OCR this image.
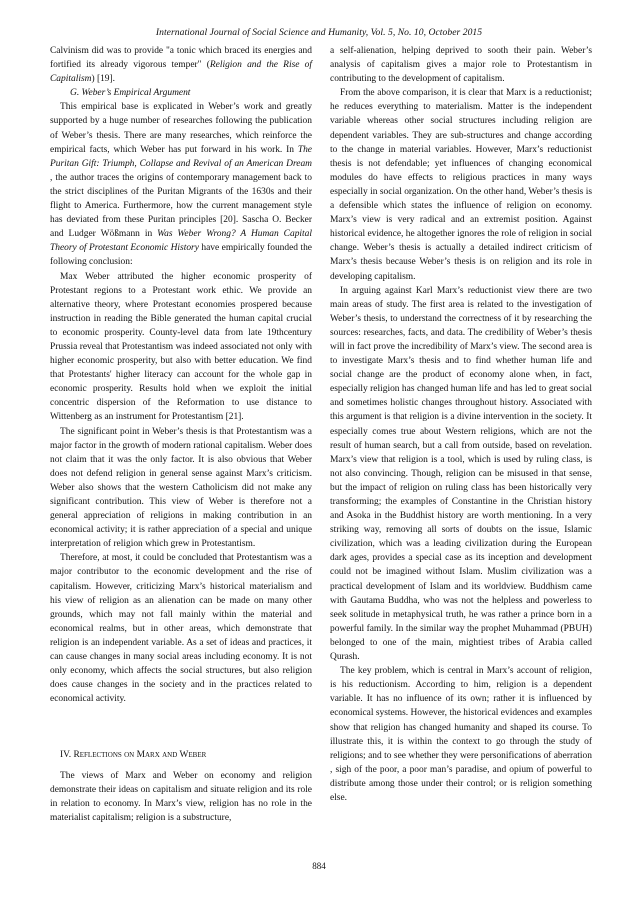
International Journal of Social Science and Humanity, Vol. 5, No. 10, October 2015

Calvinism did was to provide "a tonic which braced its energies and fortified its already vigorous temper" (Religion and the Rise of Capitalism) [19].

G. Weber’s Empirical Argument

This empirical base is explicated in Weber’s work and greatly supported by a huge number of researches following the publication of Weber’s thesis. There are many researches, which reinforce the empirical facts, which Weber has put forward in his work. In The Puritan Gift: Triumph, Collapse and Revival of an American Dream , the author traces the origins of contemporary management back to the strict disciplines of the Puritan Migrants of the 1630s and their flight to America. Furthermore, how the current management style has deviated from these Puritan principles [20]. Sascha O. Becker and Ludger Wößmann in Was Weber Wrong? A Human Capital Theory of Protestant Economic History have empirically founded the following conclusion:

Max Weber attributed the higher economic prosperity of Protestant regions to a Protestant work ethic. We provide an alternative theory, where Protestant economies prospered because instruction in reading the Bible generated the human capital crucial to economic prosperity. County-level data from late 19thcentury Prussia reveal that Protestantism was indeed associated not only with higher economic prosperity, but also with better education. We find that Protestants' higher literacy can account for the whole gap in economic prosperity. Results hold when we exploit the initial concentric dispersion of the Reformation to use distance to Wittenberg as an instrument for Protestantism [21].

The significant point in Weber’s thesis is that Protestantism was a major factor in the growth of modern rational capitalism. Weber does not claim that it was the only factor. It is also obvious that Weber does not defend religion in general sense against Marx’s criticism. Weber also shows that the western Catholicism did not make any significant contribution. This view of Weber is therefore not a general appreciation of religions in making contribution in an economical activity; it is rather appreciation of a special and unique interpretation of religion which grew in Protestantism.

Therefore, at most, it could be concluded that Protestantism was a major contributor to the economic development and the rise of capitalism. However, criticizing Marx’s historical materialism and his view of religion as an alienation can be made on many other grounds, which may not fall mainly within the material and economical realms, but in other areas, which demonstrate that religion is an independent variable. As a set of ideas and practices, it can cause changes in many social areas including economy. It is not only economy, which affects the social structures, but also religion does cause changes in the society and in the practices related to economical activity.

IV. Reflections on Marx and Weber

The views of Marx and Weber on economy and religion demonstrate their ideas on capitalism and situate religion and its role in relation to economy. In Marx’s view, religion has no role in the materialist capitalism; religion is a substructure,

a self-alienation, helping deprived to sooth their pain. Weber’s analysis of capitalism gives a major role to Protestantism in contributing to the development of capitalism.

From the above comparison, it is clear that Marx is a reductionist; he reduces everything to materialism. Matter is the independent variable whereas other social structures including religion are dependent variables. They are sub-structures and change according to the change in material variables. However, Marx’s reductionist thesis is not defendable; yet influences of changing economical modules do have effects to religious practices in many ways especially in social organization. On the other hand, Weber’s thesis is a defensible which states the influence of religion on economy. Marx’s view is very radical and an extremist position. Against historical evidence, he altogether ignores the role of religion in social change. Weber’s thesis is actually a detailed indirect criticism of Marx’s thesis because Weber’s thesis is on religion and its role in developing capitalism.

In arguing against Karl Marx’s reductionist view there are two main areas of study. The first area is related to the investigation of Weber’s thesis, to understand the correctness of it by researching the sources: researches, facts, and data. The credibility of Weber’s thesis will in fact prove the incredibility of Marx’s view. The second area is to investigate Marx’s thesis and to find whether human life and social change are the product of economy alone when, in fact, especially religion has changed human life and has led to great social and sometimes holistic changes throughout history. Associated with this argument is that religion is a divine intervention in the society. It especially comes true about Western religions, which are not the result of human search, but a call from outside, based on revelation. Marx’s view that religion is a tool, which is used by ruling class, is not also convincing. Though, religion can be misused in that sense, but the impact of religion on ruling class has been historically very transforming; the examples of Constantine in the Christian history and Asoka in the Buddhist history are worth mentioning. In a very striking way, removing all sorts of doubts on the issue, Islamic civilization, which was a leading civilization during the European dark ages, provides a special case as its inception and development could not be imagined without Islam. Muslim civilization was a practical development of Islam and its worldview. Buddhism came with Gautama Buddha, who was not the helpless and powerless to seek solitude in metaphysical truth, he was rather a prince born in a powerful family. In the similar way the prophet Muhammad (PBUH) belonged to one of the main, mightiest tribes of Arabia called Qurash.

The key problem, which is central in Marx’s account of religion, is his reductionism. According to him, religion is a dependent variable. It has no influence of its own; rather it is influenced by economical systems. However, the historical evidences and examples show that religion has changed humanity and shaped its course. To illustrate this, it is within the context to go through the study of religions; and to see whether they were personifications of aberration , sigh of the poor, a poor man’s paradise, and opium of powerful to distribute among those under their control; or is religion something else.

884
